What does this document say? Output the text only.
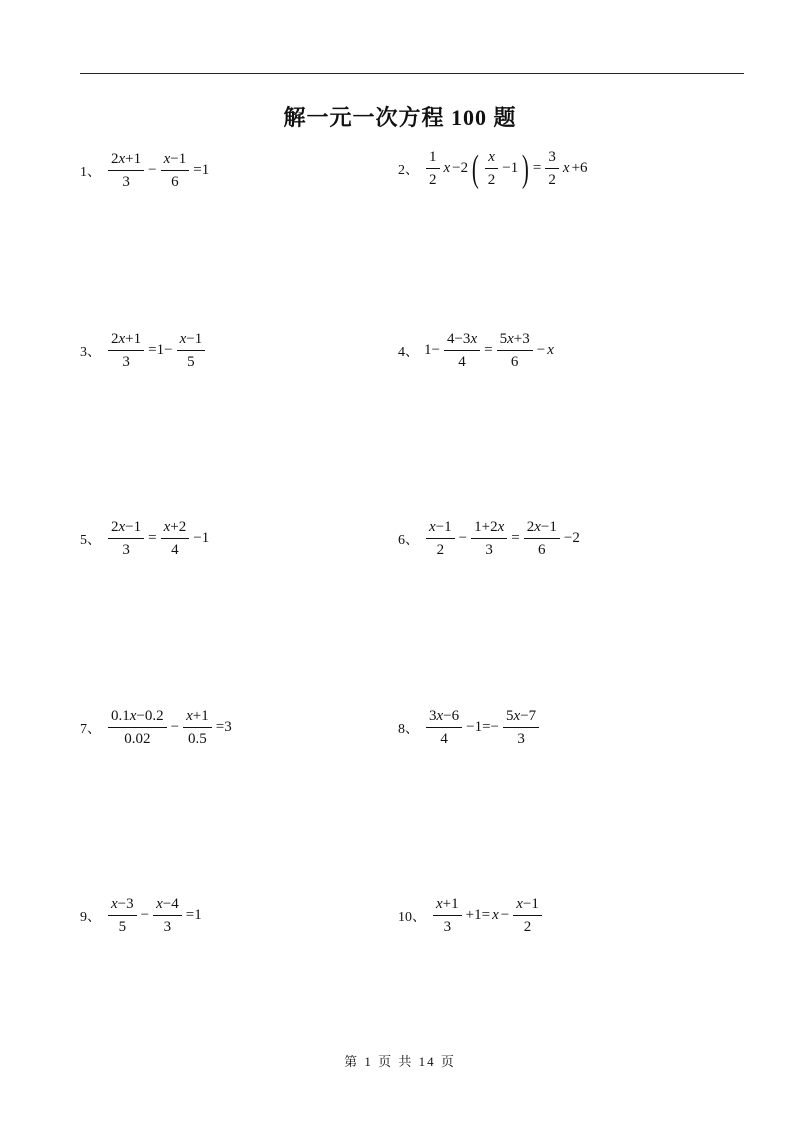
解一元一次方程 100 题
1、 $\frac{2x+1}{3} - \frac{x-1}{6} =1$	2、 $\frac{1}{2}$ x −2 ( $\frac{x}{2} -1$ ) = $\frac{3}{2}$ x +6
3、 $\frac{2x+1}{3} =1- \frac{x-1}{5}$	4、 $1- \frac{4-3x}{4} = \frac{5x+3}{6} - x$
5、 $\frac{2x-1}{3} = \frac{x+2}{4} -1$	6、 $\frac{x-1}{2} - \frac{1+2x}{3} = \frac{2x-1}{6} -2$
7、 $\frac{0.1x-0.2}{0.02} - \frac{x+1}{0.5} =3$	8、 $\frac{3x-6}{4} -1=- \frac{5x-7}{3}$
9、 $\frac{x-3}{5} - \frac{x-4}{3} =1$	10、 $\frac{x+1}{3} +1= x - \frac{x-1}{2}$
第 1 页 共 14 页
